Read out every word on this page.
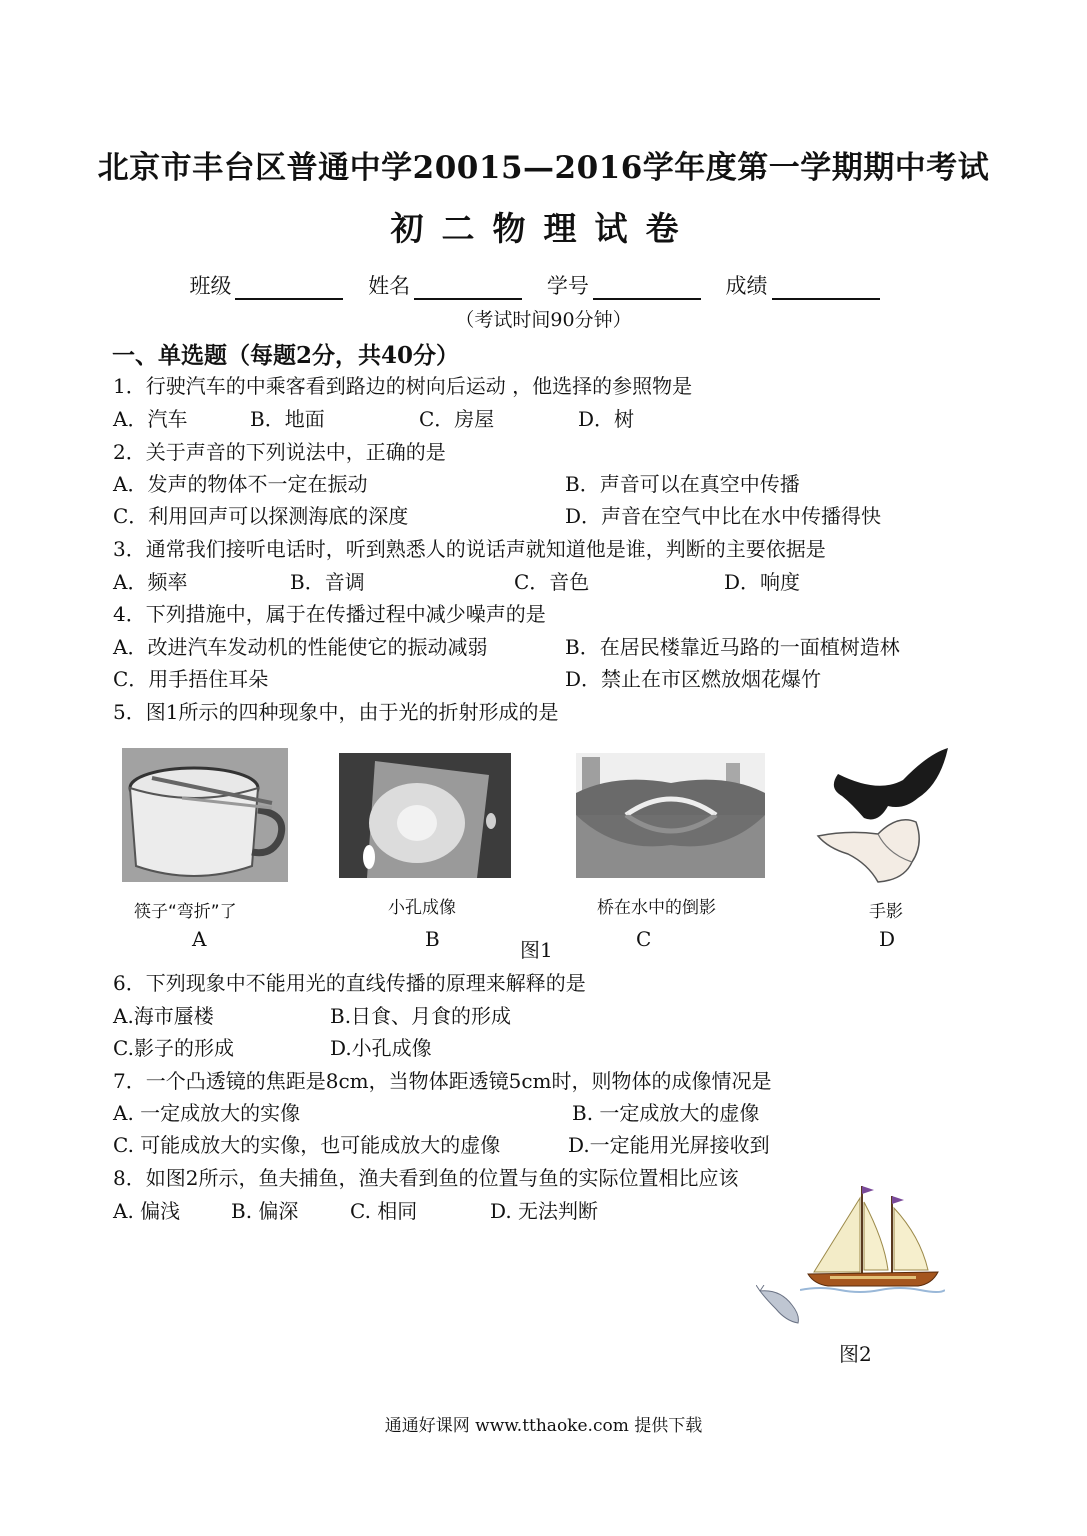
北京市丰台区普通中学20015—2016学年度第一学期期中考试
初二物理试卷
班级	姓名	学号	成绩
（考试时间90分钟）
一、单选题（每题2分，共40分）
1．行驶汽车的中乘客看到路边的树向后运动 ，他选择的参照物是
A．汽车	B．地面	C．房屋	D．树
2．关于声音的下列说法中，正确的是
A．发声的物体不一定在振动	B．声音可以在真空中传播
C．利用回声可以探测海底的深度	D．声音在空气中比在水中传播得快
3．通常我们接听电话时，听到熟悉人的说话声就知道他是谁，判断的主要依据是
A．频率	B．音调	C．音色	D．响度
4．下列措施中，属于在传播过程中减少噪声的是
A．改进汽车发动机的性能使它的振动减弱	B．在居民楼靠近马路的一面植树造林
C．用手捂住耳朵	D．禁止在市区燃放烟花爆竹
5．图1所示的四种现象中，由于光的折射形成的是
筷子“弯折”了	小孔成像	桥在水中的倒影	手影
A	B	图1	C	D
6．下列现象中不能用光的直线传播的原理来解释的是
A.海市蜃楼	B.日食、月食的形成
C.影子的形成	D.小孔成像
7．一个凸透镜的焦距是8cm，当物体距透镜5cm时，则物体的成像情况是
A. 一定成放大的实像	B. 一定成放大的虚像
C. 可能成放大的实像，也可能成放大的虚像	D.一定能用光屏接收到
8．如图2所示，鱼夫捕鱼，渔夫看到鱼的位置与鱼的实际位置相比应该
A. 偏浅	B. 偏深	C. 相同	D. 无法判断
图2
通通好课网 www.tthaoke.com 提供下载
